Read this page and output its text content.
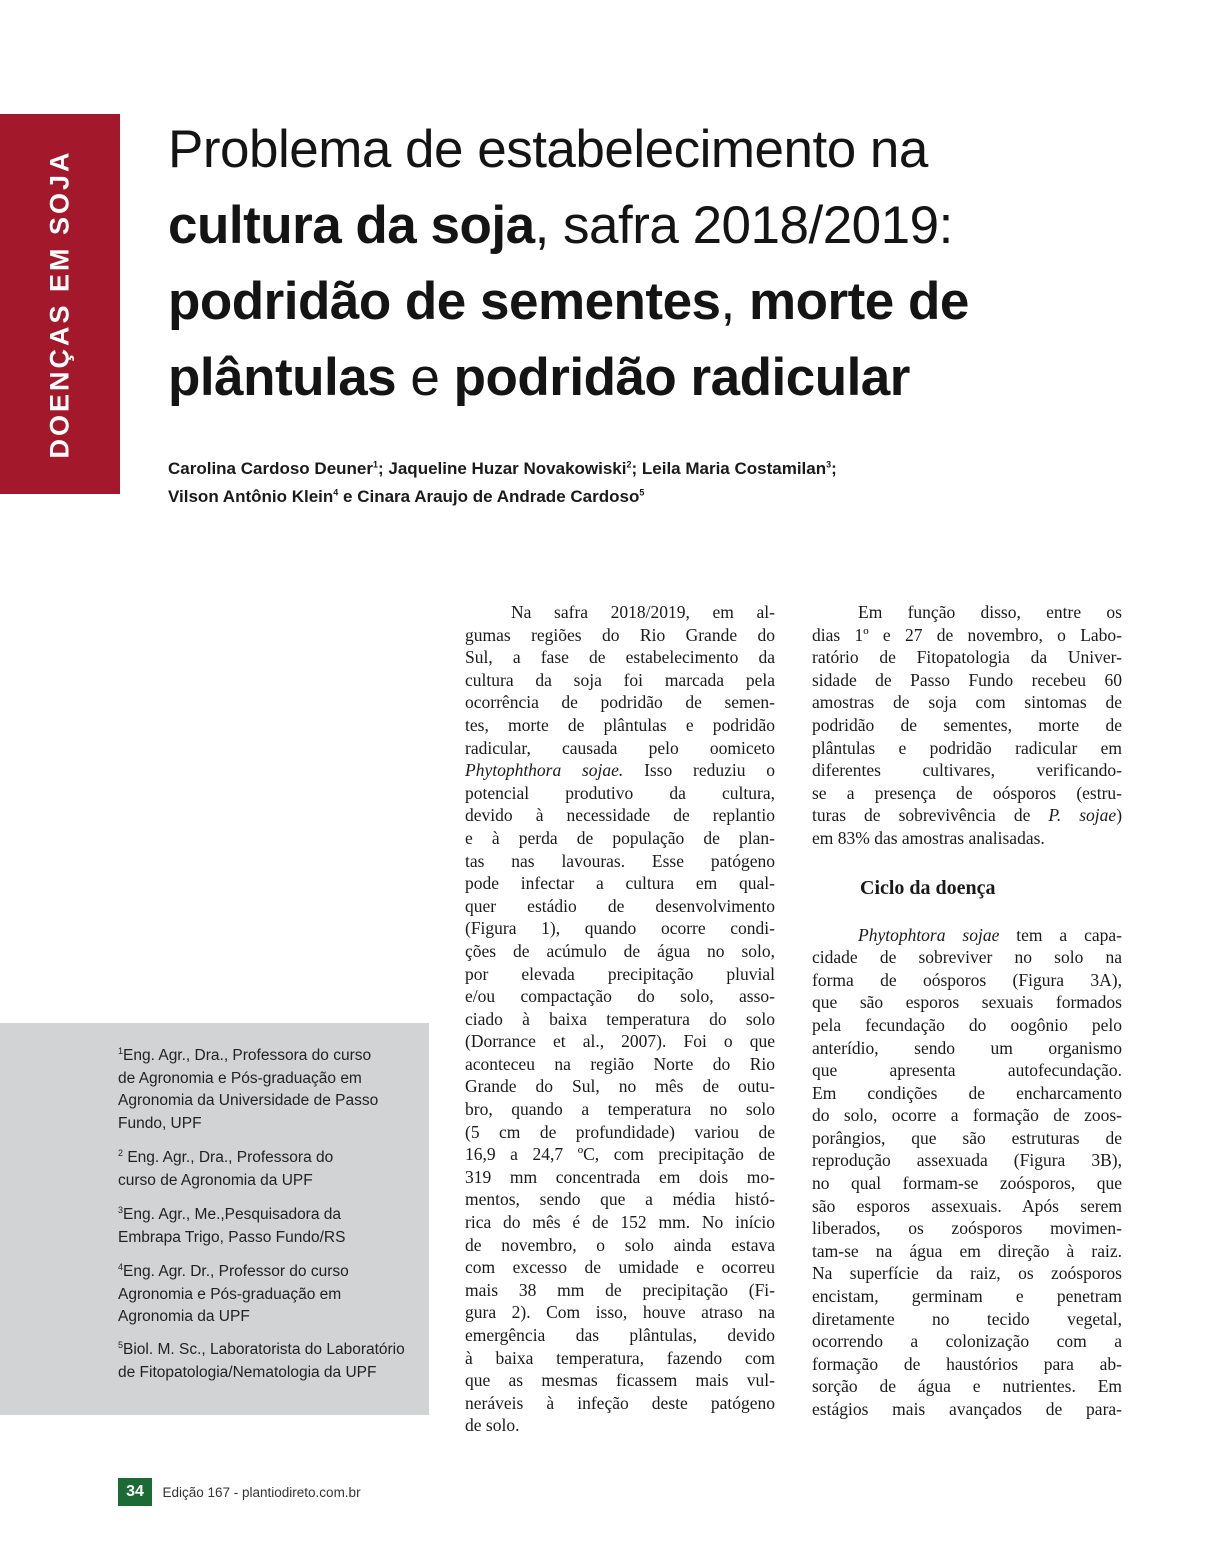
DOENÇAS EM SOJA Problema de estabelecimento na
cultura da soja, safra 2018/2019:
podridão de sementes, morte de
plântulas e podridão radicular
Carolina Cardoso Deuner$^1$; Jaqueline Huzar Novakowiski$^2$; Leila Maria Costamilan$^3$;
Vilson Antônio Klein$^4$ e Cinara Araujo de Andrade Cardoso$^5$
$^1$Eng. Agr., Dra., Professora do curso
de Agronomia e Pós-graduação em
Agronomia da Universidade de Passo
Fundo, UPF
$^2$ Eng. Agr., Dra., Professora do
curso de Agronomia da UPF
$^3$Eng. Agr., Me.,Pesquisadora da
Embrapa Trigo, Passo Fundo/RS
$^4$Eng. Agr. Dr., Professor do curso
Agronomia e Pós-graduação em
Agronomia da UPF
$^5$Biol. M. Sc., Laboratorista do Laboratório
de Fitopatologia/Nematologia da UPF
Na safra 2018/2019, em al-
gumas regiões do Rio Grande do
Sul, a fase de estabelecimento da
cultura da soja foi marcada pela
ocorrência de podridão de semen-
tes, morte de plântulas e podridão
radicular, causada pelo oomiceto
Phytophthora sojae. Isso reduziu o
potencial produtivo da cultura,
devido à necessidade de replantio
e à perda de população de plan-
tas nas lavouras. Esse patógeno
pode infectar a cultura em qual-
quer estádio de desenvolvimento
(Figura 1), quando ocorre condi-
ções de acúmulo de água no solo,
por elevada precipitação pluvial
e/ou compactação do solo, asso-
ciado à baixa temperatura do solo
(Dorrance et al., 2007). Foi o que
aconteceu na região Norte do Rio
Grande do Sul, no mês de outu-
bro, quando a temperatura no solo
(5 cm de profundidade) variou de
16,9 a 24,7 ºC, com precipitação de
319 mm concentrada em dois mo-
mentos, sendo que a média histó-
rica do mês é de 152 mm. No início
de novembro, o solo ainda estava
com excesso de umidade e ocorreu
mais 38 mm de precipitação (Fi-
gura 2). Com isso, houve atraso na
emergência das plântulas, devido
à baixa temperatura, fazendo com
que as mesmas ficassem mais vul-
neráveis à infeção deste patógeno
de solo.
Em função disso, entre os
dias 1º e 27 de novembro, o Labo-
ratório de Fitopatologia da Univer-
sidade de Passo Fundo recebeu 60
amostras de soja com sintomas de
podridão de sementes, morte de
plântulas e podridão radicular em
diferentes cultivares, verificando-
se a presença de oósporos (estru-
turas de sobrevivência de P. sojae)
em 83% das amostras analisadas.
Ciclo da doença
Phytophtora sojae tem a capa-
cidade de sobreviver no solo na
forma de oósporos (Figura 3A),
que são esporos sexuais formados
pela fecundação do oogônio pelo
anterídio, sendo um organismo
que apresenta autofecundação.
Em condições de encharcamento
do solo, ocorre a formação de zoos-
porângios, que são estruturas de
reprodução assexuada (Figura 3B),
no qual formam-se zoósporos, que
são esporos assexuais. Após serem
liberados, os zoósporos movimen-
tam-se na água em direção à raiz.
Na superfície da raiz, os zoósporos
encistam, germinam e penetram
diretamente no tecido vegetal,
ocorrendo a colonização com a
formação de haustórios para ab-
sorção de água e nutrientes. Em
estágios mais avançados de para-
34 Edição 167 - plantiodireto.com.br
